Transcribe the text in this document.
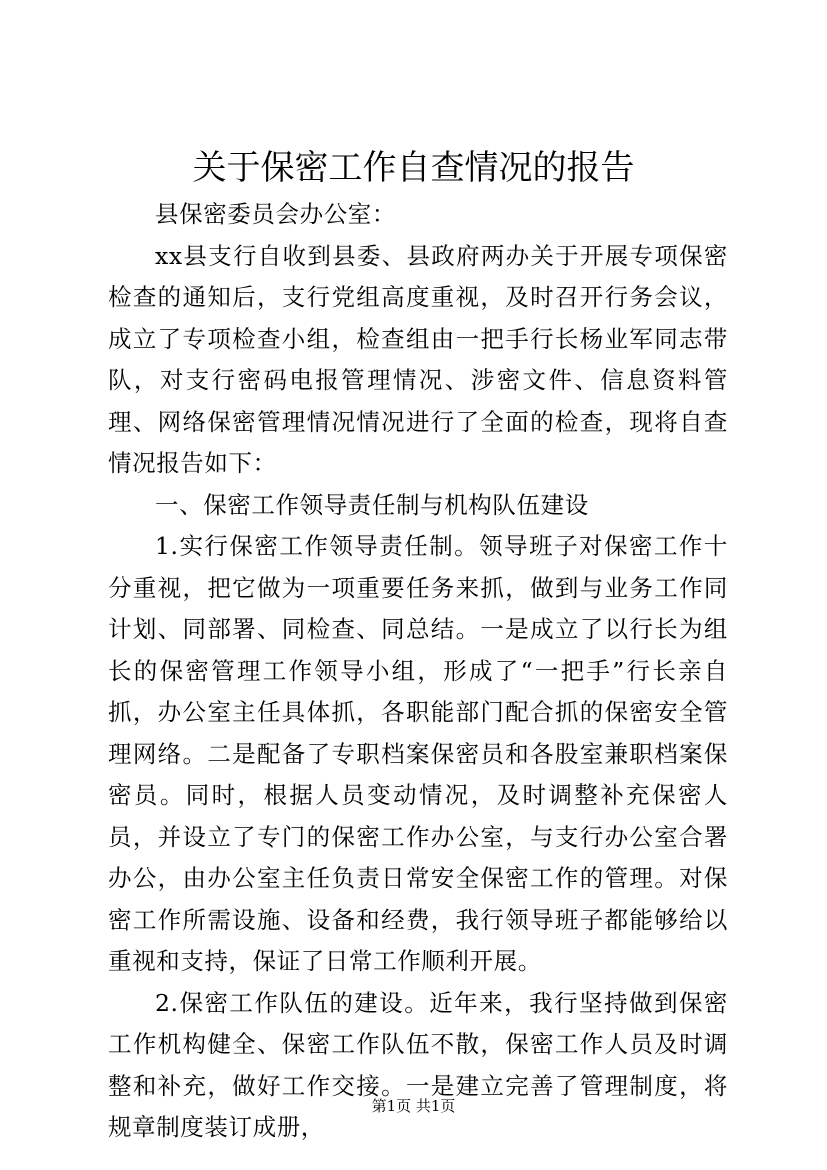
关于保密工作自查情况的报告

县保密委员会办公室：

xx县支行自收到县委、县政府两办关于开展专项保密检查的通知后，支行党组高度重视，及时召开行务会议，成立了专项检查小组，检查组由一把手行长杨业军同志带队，对支行密码电报管理情况、涉密文件、信息资料管理、网络保密管理情况情况进行了全面的检查，现将自查情况报告如下：

一、保密工作领导责任制与机构队伍建设

1.实行保密工作领导责任制。领导班子对保密工作十分重视，把它做为一项重要任务来抓，做到与业务工作同计划、同部署、同检查、同总结。一是成立了以行长为组长的保密管理工作领导小组，形成了“一把手”行长亲自抓，办公室主任具体抓，各职能部门配合抓的保密安全管理网络。二是配备了专职档案保密员和各股室兼职档案保密员。同时，根据人员变动情况，及时调整补充保密人员，并设立了专门的保密工作办公室，与支行办公室合署办公，由办公室主任负责日常安全保密工作的管理。对保密工作所需设施、设备和经费，我行领导班子都能够给以重视和支持，保证了日常工作顺利开展。

2.保密工作队伍的建设。近年来，我行坚持做到保密工作机构健全、保密工作队伍不散，保密工作人员及时调整和补充，做好工作交接。一是建立完善了管理制度，将规章制度装订成册，

第1页 共1页
